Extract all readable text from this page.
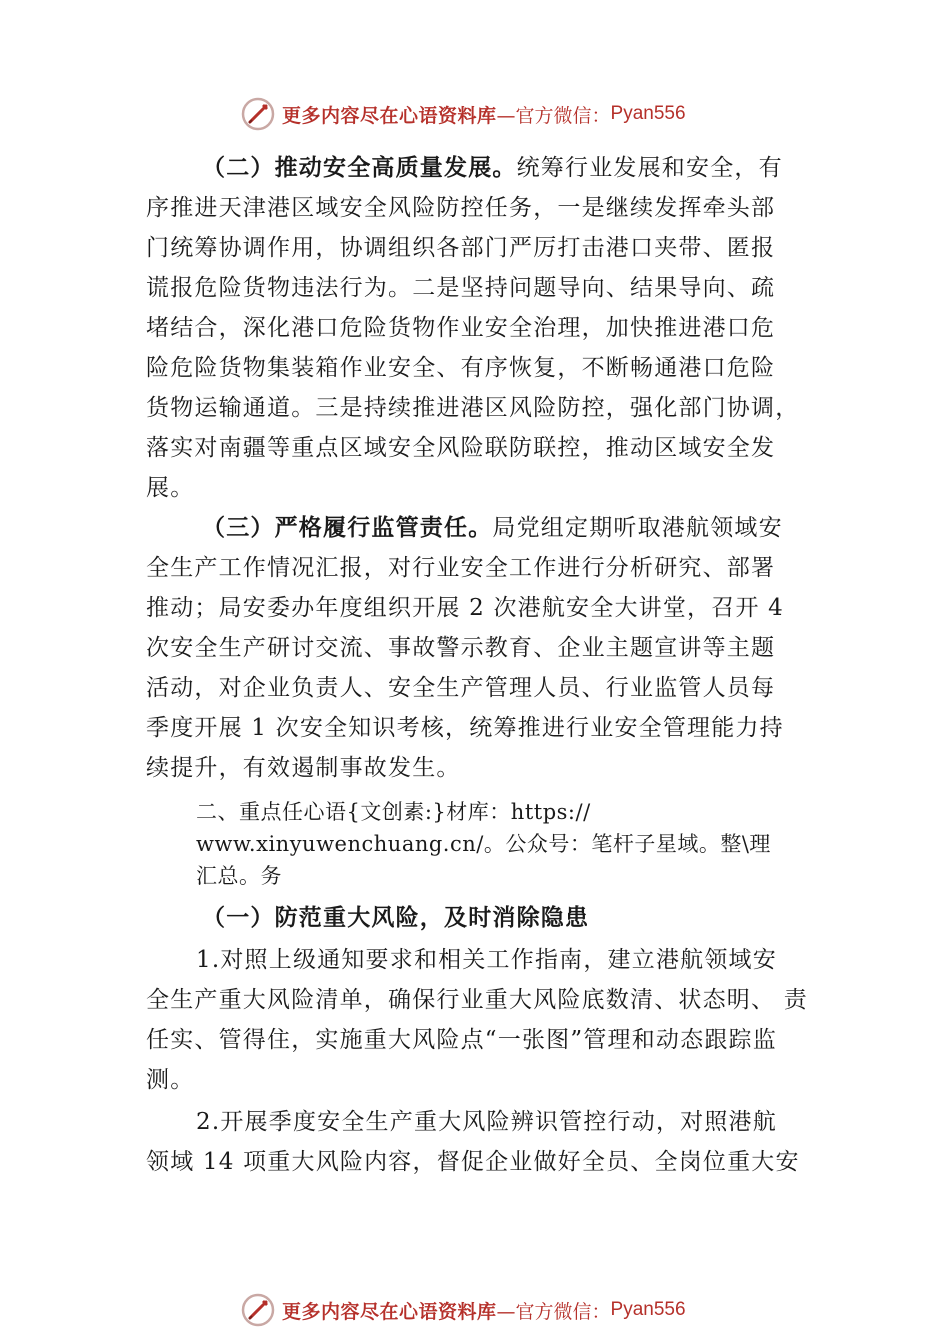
更多内容尽在心语资料库 —官方微信： Pyan556
（二）推动安全高质量发展。统筹行业发展和安全，有
序推进天津港区域安全风险防控任务，一是继续发挥牵头部
门统筹协调作用，协调组织各部门严厉打击港口夹带、匿报
谎报危险货物违法行为。二是坚持问题导向、结果导向、疏
堵结合，深化港口危险货物作业安全治理，加快推进港口危
险危险货物集装箱作业安全、有序恢复，不断畅通港口危险
货物运输通道。三是持续推进港区风险防控，强化部门协调，
落实对南疆等重点区域安全风险联防联控，推动区域安全发
展。
（三）严格履行监管责任。局党组定期听取港航领域安
全生产工作情况汇报，对行业安全工作进行分析研究、部署
推动；局安委办年度组织开展 2 次港航安全大讲堂，召开 4
次安全生产研讨交流、事故警示教育、企业主题宣讲等主题
活动，对企业负责人、安全生产管理人员、行业监管人员每
季度开展 1 次安全知识考核，统筹推进行业安全管理能力持
续提升，有效遏制事故发生。
二、重点任心语{文创素:}材库：https://
www.xinyuwenchuang.cn/。公众号：笔杆子星域。整\理
汇总。务
（一）防范重大风险，及时消除隐患
1.对照上级通知要求和相关工作指南，建立港航领域安
全生产重大风险清单，确保行业重大风险底数清、状态明、 责
任实、管得住，实施重大风险点“一张图”管理和动态跟踪监
测。
2.开展季度安全生产重大风险辨识管控行动，对照港航
领域 14 项重大风险内容，督促企业做好全员、全岗位重大安
更多内容尽在心语资料库 —官方微信： Pyan556
